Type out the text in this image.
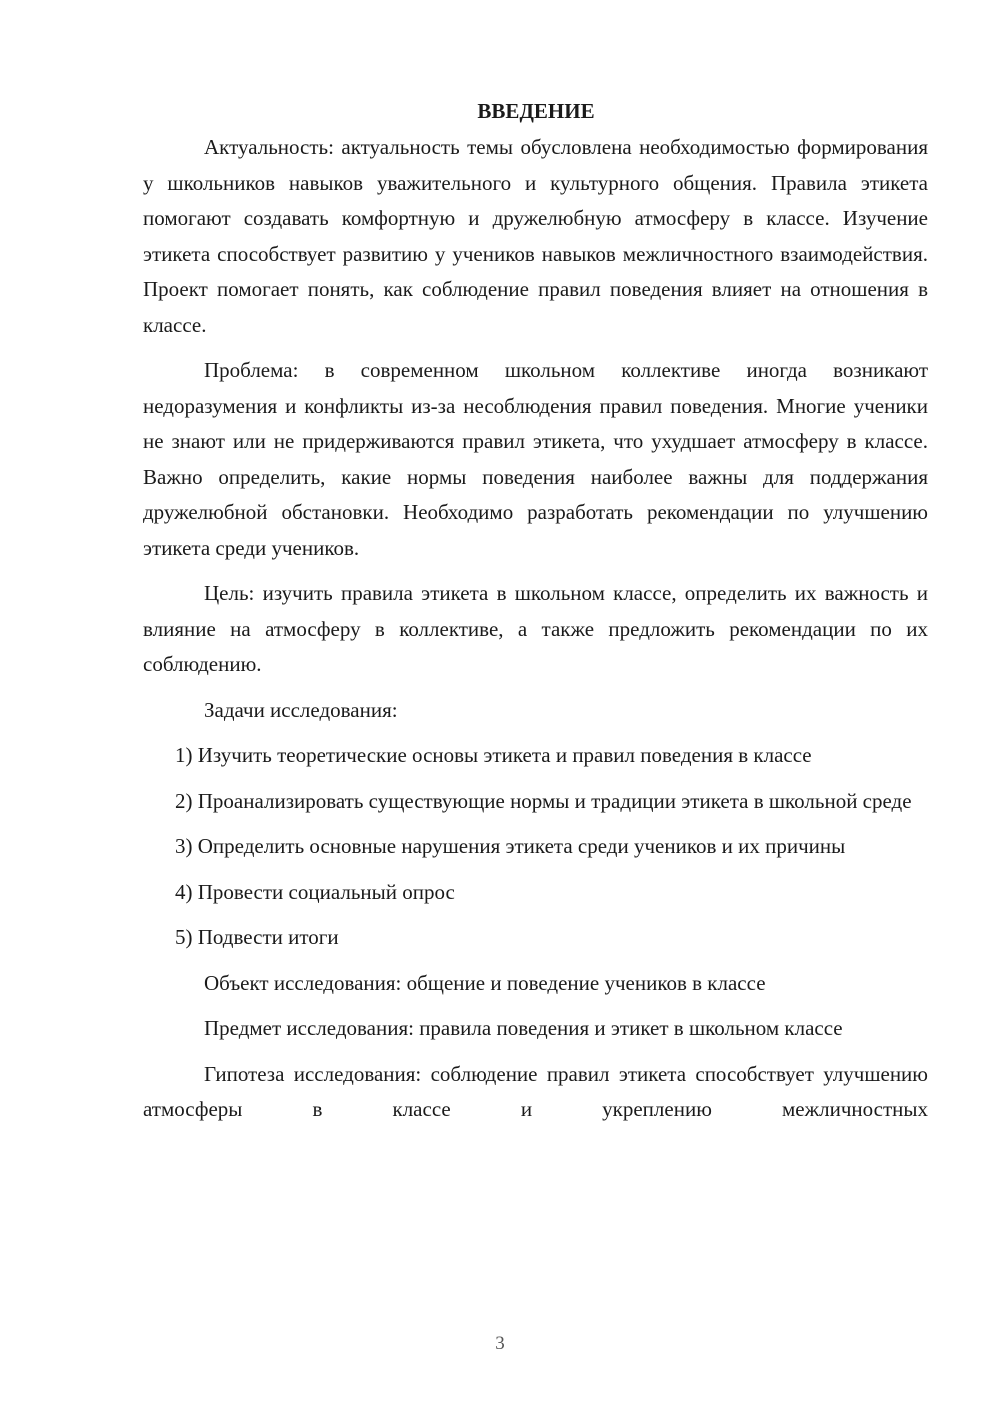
ВВЕДЕНИЕ

Актуальность: актуальность темы обусловлена необходимостью формирования у школьников навыков уважительного и культурного общения. Правила этикета помогают создавать комфортную и дружелюбную атмосферу в классе. Изучение этикета способствует развитию у учеников навыков межличностного взаимодействия. Проект помогает понять, как соблюдение правил поведения влияет на отношения в классе.

Проблема: в современном школьном коллективе иногда возникают недоразумения и конфликты из-за несоблюдения правил поведения. Многие ученики не знают или не придерживаются правил этикета, что ухудшает атмосферу в классе. Важно определить, какие нормы поведения наиболее важны для поддержания дружелюбной обстановки. Необходимо разработать рекомендации по улучшению этикета среди учеников.

Цель: изучить правила этикета в школьном классе, определить их важность и влияние на атмосферу в коллективе, а также предложить рекомендации по их соблюдению.

Задачи исследования:

1) Изучить теоретические основы этикета и правил поведения в классе

2) Проанализировать существующие нормы и традиции этикета в школьной среде

3) Определить основные нарушения этикета среди учеников и их причины

4) Провести социальный опрос

5) Подвести итоги

Объект исследования: общение и поведение учеников в классе

Предмет исследования: правила поведения и этикет в школьном классе

Гипотеза исследования: соблюдение правил этикета способствует улучшению атмосферы в классе и укреплению межличностных

3
